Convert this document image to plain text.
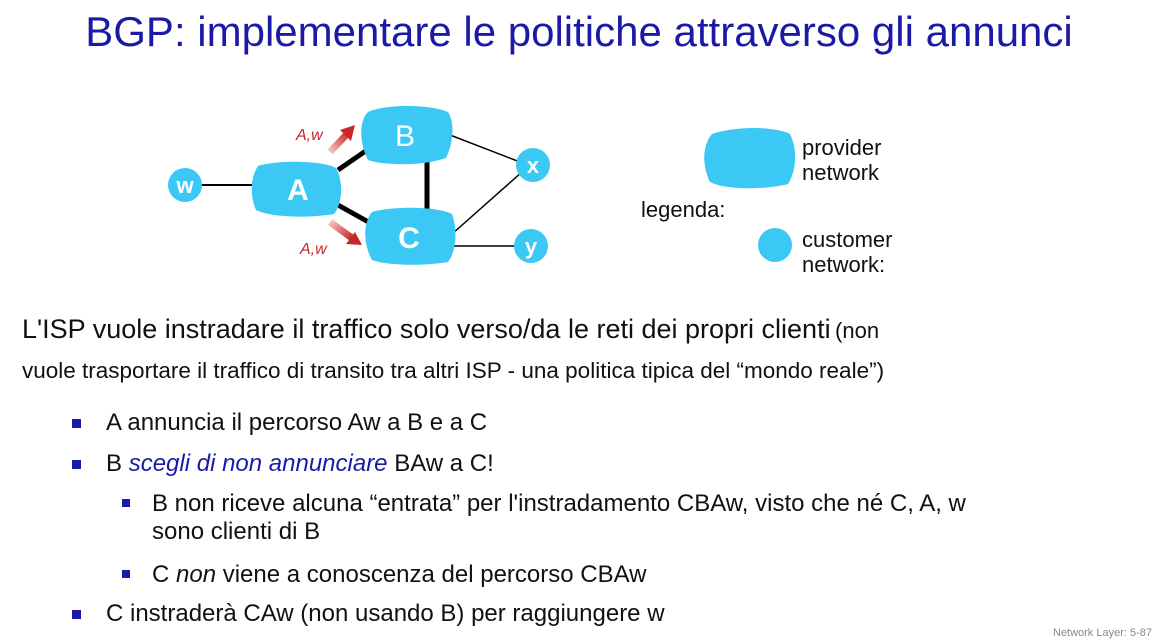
BGP: implementare le politiche attraverso gli annunci
w	A
B
C
x
y
A,w
A,w
provider
network
legenda:
customer
network:
L'ISP vuole instradare il traffico solo verso/da le reti dei propri clienti (non
vuole trasportare il traffico di transito tra altri ISP - una politica tipica del “mondo reale”)
A annuncia il percorso Aw a B e a C
B scegli di non annunciare BAw a C!
B non riceve alcuna “entrata” per l'instradamento CBAw, visto che né C, A, w
sono clienti di B
C non viene a conoscenza del percorso CBAw
C instraderà CAw (non usando B) per raggiungere w
Network Layer: 5-87
